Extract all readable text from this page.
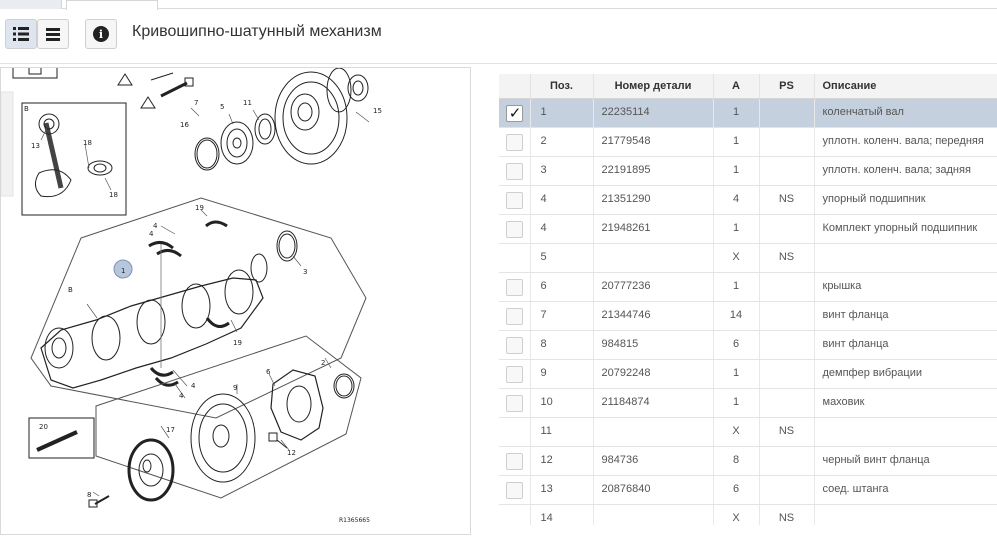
i	Кривошипно-шатунный механизм
B
13	18
18
1
7
16
5	11
15
19
4
4
3
B
19
4
4
9
6
2
12
17
20
8
R1365665
	Поз.	Номер детали	A	PS	Описание
✓	1	22235114	1		коленчатый вал
	2	21779548	1		уплотн. коленч. вала; передняя
	3	22191895	1		уплотн. коленч. вала; задняя
	4	21351290	4	NS	упорный подшипник
	4	21948261	1		Комплект упорный подшипник
	5		X	NS	
	6	20777236	1		крышка
	7	21344746	14		винт фланца
	8	984815	6		винт фланца
	9	20792248	1		демпфер вибрации
	10	21184874	1		маховик
	11		X	NS	
	12	984736	8		черный винт фланца
	13	20876840	6		соед. штанга
	14		X	NS	
